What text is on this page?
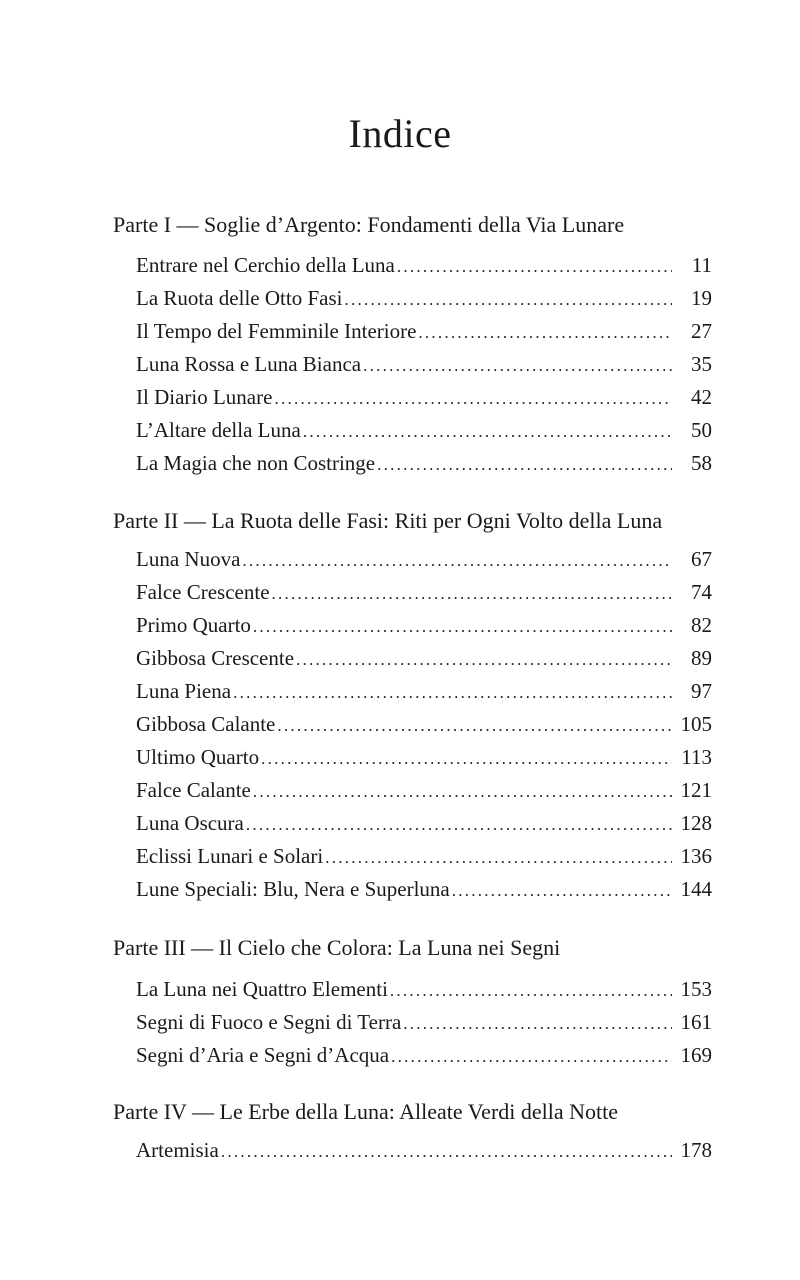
Indice
Parte I — Soglie d’Argento: Fondamenti della Via Lunare
Entrare nel Cerchio della Luna . . .	11
La Ruota delle Otto Fasi . . .	19
Il Tempo del Femminile Interiore . . .	27
Luna Rossa e Luna Bianca . . .	35
Il Diario Lunare . . .	42
L’Altare della Luna . . .	50
La Magia che non Costringe . . .	58
Parte II — La Ruota delle Fasi: Riti per Ogni Volto della Luna
Luna Nuova . . .	67
Falce Crescente . . .	74
Primo Quarto . . .	82
Gibbosa Crescente . . .	89
Luna Piena . . .	97
Gibbosa Calante . . .	105
Ultimo Quarto . . .	113
Falce Calante . . .	121
Luna Oscura . . .	128
Eclissi Lunari e Solari . . .	136
Lune Speciali: Blu, Nera e Superluna . . .	144
Parte III — Il Cielo che Colora: La Luna nei Segni
La Luna nei Quattro Elementi . . .	153
Segni di Fuoco e Segni di Terra . . .	161
Segni d’Aria e Segni d’Acqua . . .	169
Parte IV — Le Erbe della Luna: Alleate Verdi della Notte
Artemisia . . .	178
